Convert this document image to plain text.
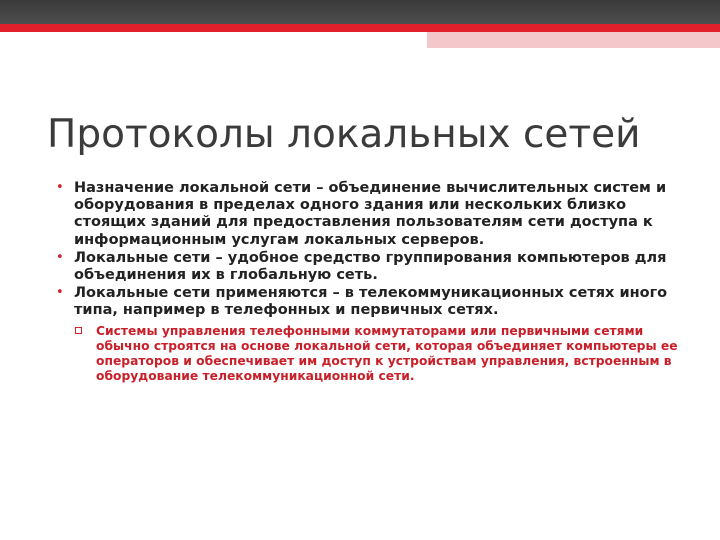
Протоколы локальных сетей
• Назначение локальной сети – объединение вычислительных систем и оборудования в пределах одного здания или нескольких близко стоящих зданий для предоставления пользователям сети доступа к информационным услугам локальных серверов.
• Локальные сети – удобное средство группирования компьютеров для объединения их в глобальную сеть.
• Локальные сети применяются – в телекоммуникационных сетях иного типа, например в телефонных и первичных сетях.
Системы управления телефонными коммутаторами или первичными сетями обычно строятся на основе локальной сети, которая объединяет компьютеры ее операторов и обеспечивает им доступ к устройствам управления, встроенным в оборудование телекоммуникационной сети.
